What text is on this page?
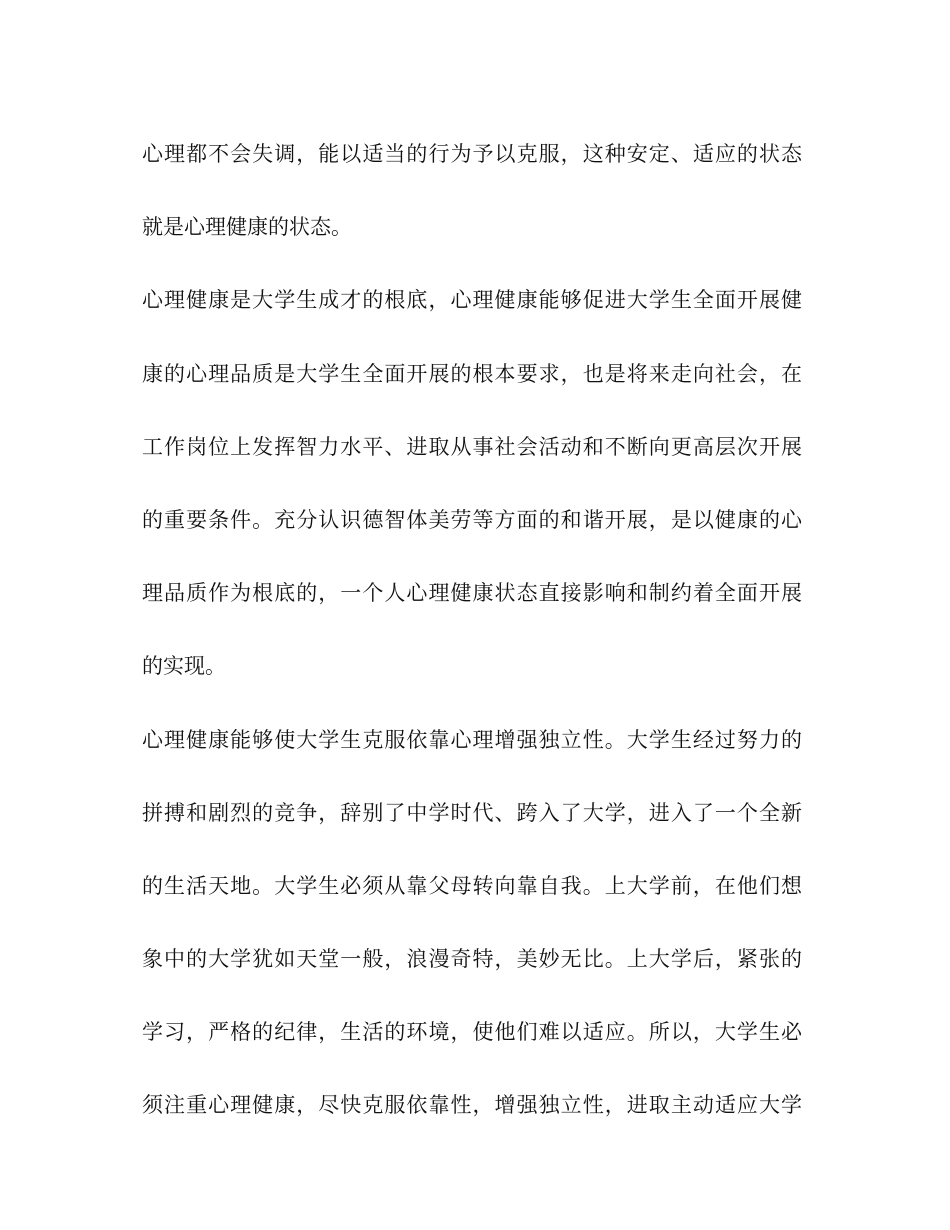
心理都不会失调，能以适当的行为予以克服，这种安定、适应的状态
就是心理健康的状态。
心理健康是大学生成才的根底，心理健康能够促进大学生全面开展健
康的心理品质是大学生全面开展的根本要求，也是将来走向社会，在
工作岗位上发挥智力水平、进取从事社会活动和不断向更高层次开展
的重要条件。充分认识德智体美劳等方面的和谐开展，是以健康的心
理品质作为根底的，一个人心理健康状态直接影响和制约着全面开展
的实现。
心理健康能够使大学生克服依靠心理增强独立性。大学生经过努力的
拼搏和剧烈的竞争，辞别了中学时代、跨入了大学，进入了一个全新
的生活天地。大学生必须从靠父母转向靠自我。上大学前，在他们想
象中的大学犹如天堂一般，浪漫奇特，美妙无比。上大学后，紧张的
学习，严格的纪律，生活的环境，使他们难以适应。所以，大学生必
须注重心理健康，尽快克服依靠性，增强独立性，进取主动适应大学
